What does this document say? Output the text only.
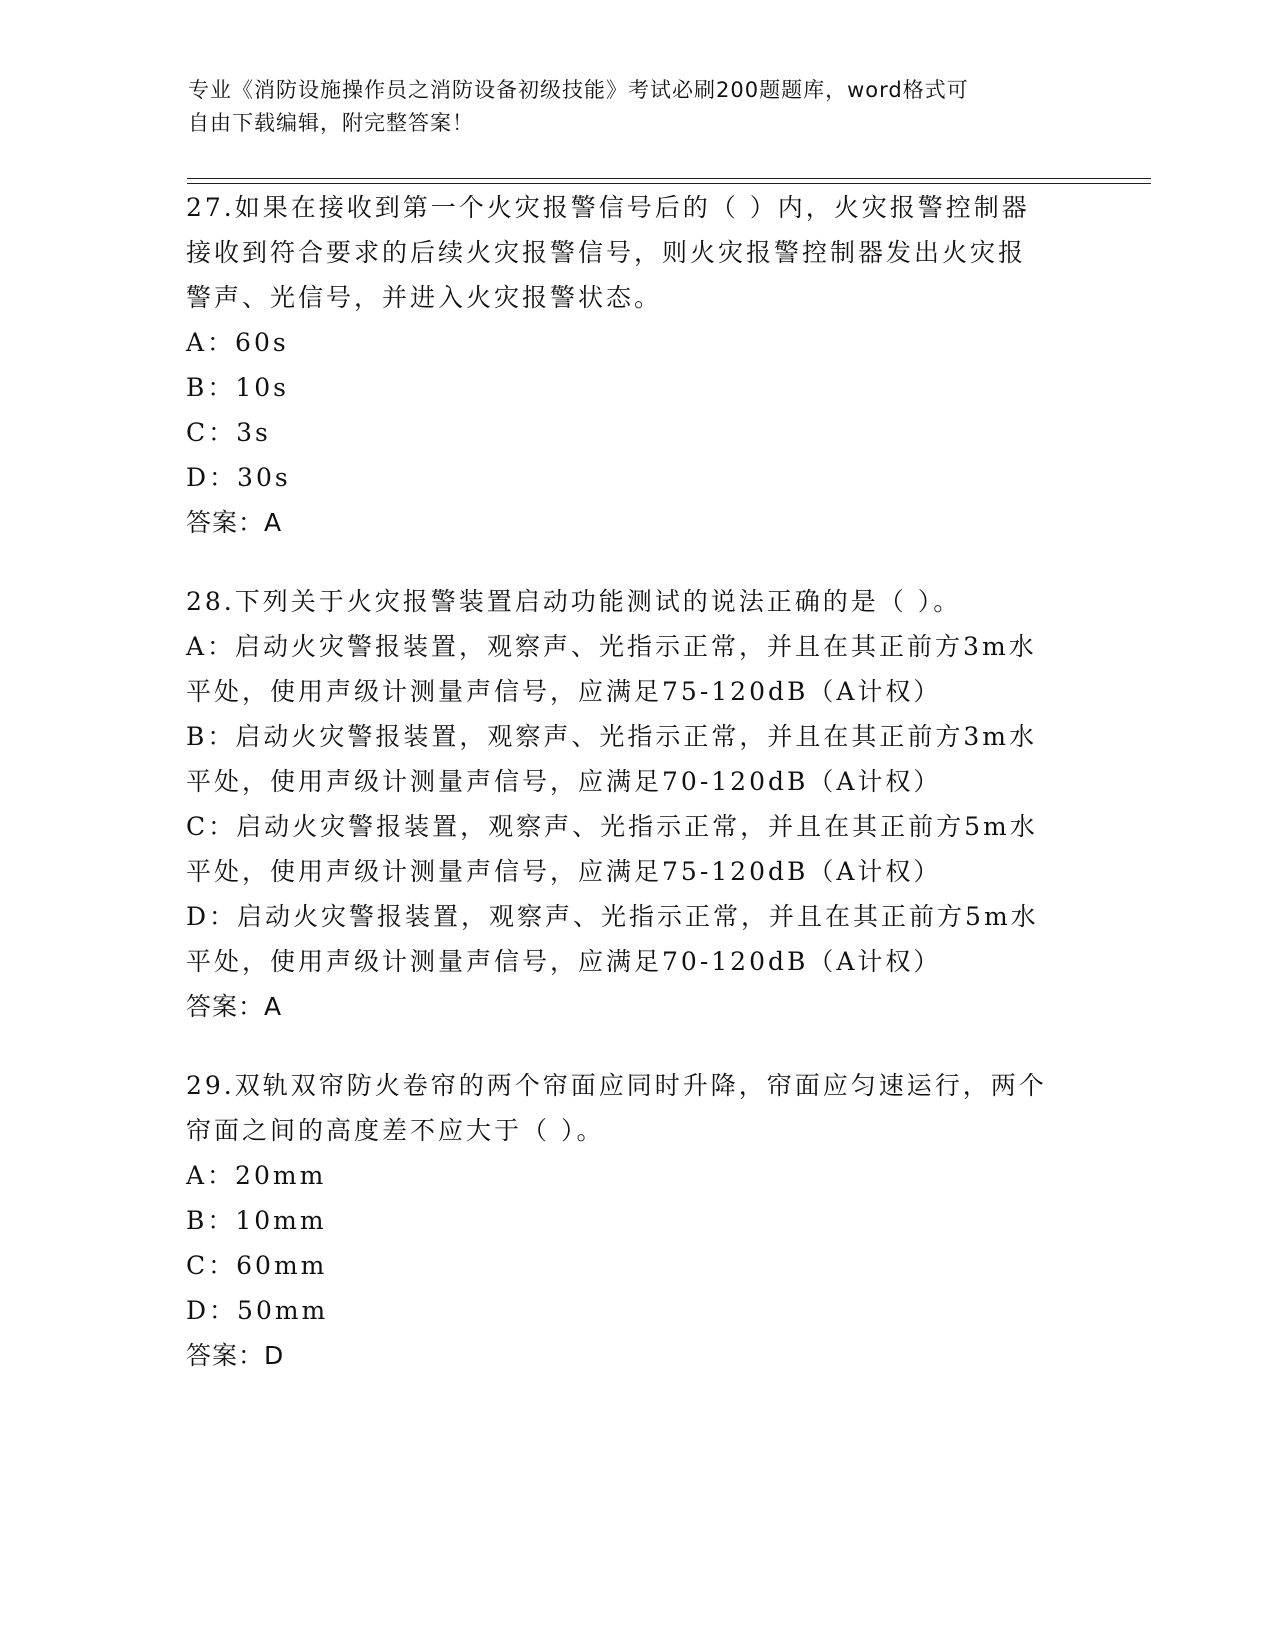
专业《消防设施操作员之消防设备初级技能》考试必刷200题题库，word格式可
自由下载编辑，附完整答案！
27.如果在接收到第一个火灾报警信号后的（ ）内，火灾报警控制器
接收到符合要求的后续火灾报警信号，则火灾报警控制器发出火灾报
警声、光信号，并进入火灾报警状态。
A：60s
B：10s
C：3s
D：30s
答案：A
28.下列关于火灾报警装置启动功能测试的说法正确的是（ ）。
A：启动火灾警报装置，观察声、光指示正常，并且在其正前方3m水
平处，使用声级计测量声信号，应满足75-120dB（A计权）
B：启动火灾警报装置，观察声、光指示正常，并且在其正前方3m水
平处，使用声级计测量声信号，应满足70-120dB（A计权）
C：启动火灾警报装置，观察声、光指示正常，并且在其正前方5m水
平处，使用声级计测量声信号，应满足75-120dB（A计权）
D：启动火灾警报装置，观察声、光指示正常，并且在其正前方5m水
平处，使用声级计测量声信号，应满足70-120dB（A计权）
答案：A
29.双轨双帘防火卷帘的两个帘面应同时升降，帘面应匀速运行，两个
帘面之间的高度差不应大于（ ）。
A：20mm
B：10mm
C：60mm
D：50mm
答案：D
